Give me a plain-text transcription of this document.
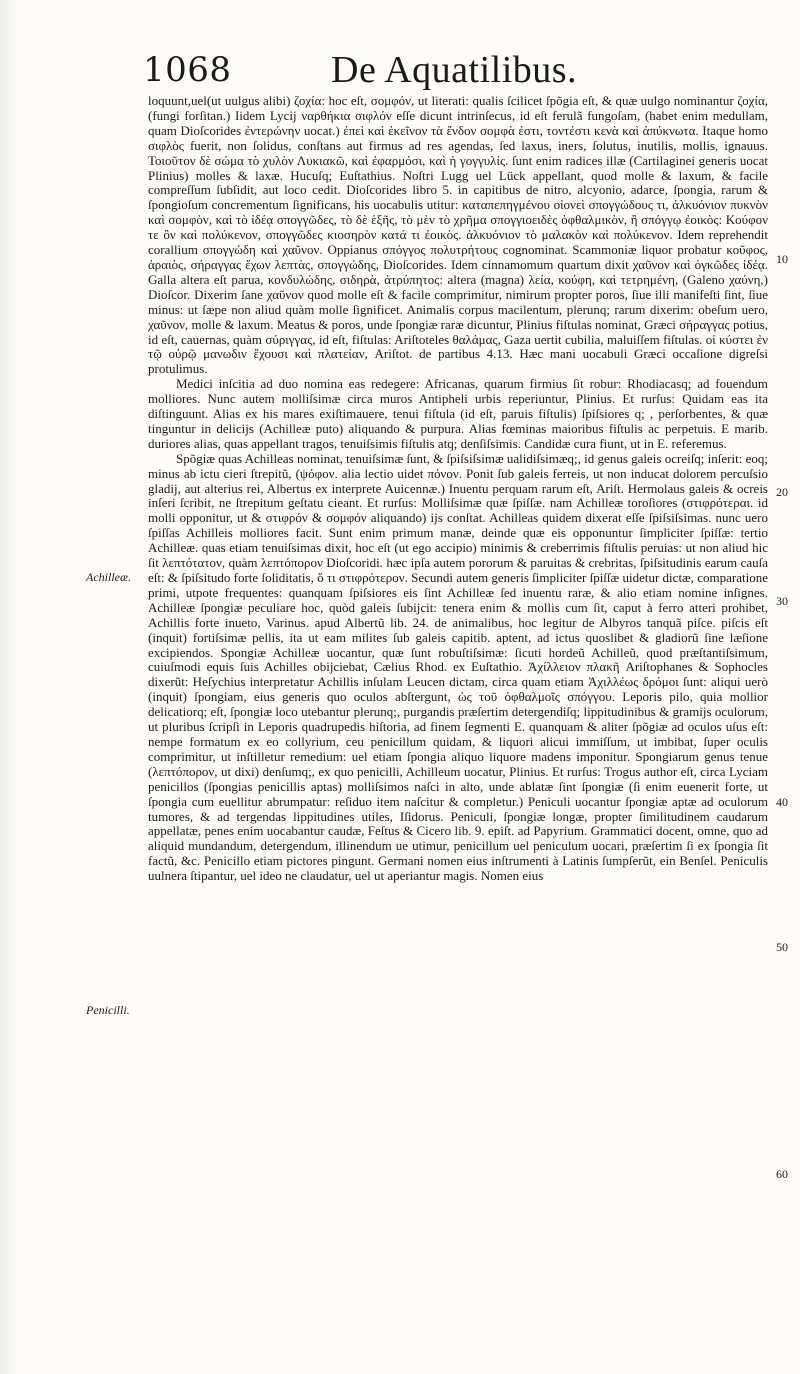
1068	De Aquatilibus.
Achilleæ.
Penicilli.
10
20
30
40
50
60

loquunt,uel(ut uulgus alibi) ζοχία: hoc eſt, σομφόν, ut literati: qualis ſcilicet ſpõgia eſt, & quæ uulgo nominantur ζοχία, (fungi forſitan.) Iidem Lycij ναρθήκια σιφλόν eſſe dicunt intrinſecus, id eſt ferulã fungoſam, (habet enim medullam, quam Dioſcorides ἐντερώνην uocat.) ἐπεὶ καὶ ἐκεῖνον τὰ ἔνδον σομφὰ ἐστι, τοντέστι κενὰ καὶ ἀπύκνωτα. Itaque homo σιφλὸς fuerit, non ſolidus, conſtans aut firmus ad res agendas, ſed laxus, iners, ſolutus, inutilis, mollis, ignauus. Τοιοῦτον δὲ σώμα τὸ χυλὸν Λυκιακῶ, καὶ ἐφαρμόσι, καὶ ἡ γογγυλίς. ſunt enim radices illæ (Cartilaginei generis uocat Plinius) molles & laxæ. Hucuſq; Euſtathius. Noſtri Lugg uel Lück appellant, quod molle & laxum, & facile compreſſum ſubſidit, aut loco cedit. Dioſcorides libro 5. in capitibus de nitro, alcyonio, adarce, ſpongia, rarum & ſpongioſum concrementum ſignificans, his uocabulis utitur: καταπεπηγμένου οἱονεὶ σπογγώδους τι, ἀλκυόνιον πυκνὸν καὶ σομφὸν, καὶ τὸ ἰδέᾳ σπογγῶδες, τὸ δὲ ἑξῆς, τὸ μὲν τὸ χρῆμα σπογγιοειδὲς ὀφθαλμικὸν, ἢ σπόγγῳ ἐοικὸς: Κούφον τε ὂν καὶ πολύκενον, σπογγῶδες κιοσηρὸν κατά τι ἐοικὸς. ἀλκυόνιον τὸ μαλακὸν καὶ πολύκενον. Idem reprehendit corallium σπογγώδη καὶ χαῦνον. Oppianus σπόγγος πολυτρήτους cognominat. Scammoniæ liquor probatur κοῦφος, ἀραιὸς, σήραγγας ἔχων λεπτὰς, σπογγώδης, Dioſcorides. Idem cinnamomum quartum dixit χαῦνον καὶ ὀγκῶδες ἰδέᾳ. Galla altera eſt parua, κονδυλώδης, σιδηρὰ, ἀτρύπητος: altera (magna) λεία, κούφη, καὶ τετρημένη, (Galeno χαύνη,) Dioſcor. Dixerim ſane χαῦνον quod molle eſt & facile comprimitur, nimirum propter poros, ſiue illi manifeſti ſint, ſiue minus: ut ſæpe non aliud quàm molle ſignificet. Animalis corpus macilentum, plerunq; rarum dixerim: obeſum uero, χαῦνον, molle & laxum. Meatus & poros, unde ſpongiæ raræ dicuntur, Plinius fiſtulas nominat, Græci σήραγγας potius, id eſt, cauernas, quàm σύριγγας, id eſt, fiſtulas: Ariſtoteles θαλάμας, Gaza uertit cubilia, maluiſſem fiſtulas. οἱ κύστει ἐν τῷ οὐρῷ μανωδιν ἔχουσι καὶ πλατείαν, Ariſtot. de partibus 4.13. Hæc mani uocabuli Græci occaſione digreſsi protulimus.

Medici inſcitia ad duo nomina eas redegere: Africanas, quarum firmius ſit robur: Rhodiacasq; ad fouendum molliores. Nunc autem molliſsimæ circa muros Antipheli urbis reperiuntur, Plinius. Et rurſus: Quidam eas ita diſtinguunt. Alias ex his mares exiſtimauere, tenui fiſtula (id eſt, paruis fiſtulis) ſpiſsiores q; , perſorbentes, & quæ tinguntur in delicijs (Achilleæ puto) aliquando & purpura. Alias fœminas maioribus fiſtulis ac perpetuis. E marib. duriores alias, quas appellant tragos, tenuiſsimis fiſtulis atq; denſiſsimis. Candidæ cura fiunt, ut in E. referemus.

Spõgiæ quas Achilleas nominat, tenuiſsimæ ſunt, & ſpiſsiſsimæ ualidiſsimæq;, id genus galeis ocreiſq; inſerit: eoq; minus ab ictu cieri ſtrepitũ, (ψόφον. alia lectio uidet πόνον. Ponit ſub galeis ferreis, ut non inducat dolorem percuſsio gladij, aut alterius rei, Albertus ex interprete Auicennæ.) Inuentu perquam rarum eſt, Ariſt. Hermolaus galeis & ocreis inſeri ſcribit, ne ſtrepitum geſtatu cieant. Et rurſus: Molliſsimæ quæ ſpiſſæ. nam Achilleæ toroſiores (στιφρότεραι. id molli opponitur, ut & στιφρόν & σομφόν aliquando) ijs conſtat. Achilleas quidem dixerat eſſe ſpiſsiſsimas. nunc uero ſpiſſas Achilleis molliores facit. Sunt enim primum manæ, deinde quæ eis opponuntur ſimpliciter ſpiſſæ: tertio Achilleæ. quas etiam tenuiſsimas dixit, hoc eſt (ut ego accipio) minimis & creberrimis fiſtulis peruias: ut non aliud hic ſit λεπτότατον, quàm λεπτόπορον Dioſcoridi. hæc ipſa autem pororum & paruitas & crebritas, ſpiſsitudinis earum cauſa eſt: & ſpiſsitudo forte ſoliditatis, ὅ τι στιφρότερον. Secundi autem generis ſimpliciter ſpiſſæ uidetur dictæ, comparatione primi, utpote frequentes: quanquam ſpiſsiores eis ſint Achilleæ ſed inuentu raræ, & alio etiam nomine inſignes. Achilleæ ſpongiæ peculiare hoc, quòd galeis ſubijcit: tenera enim & mollis cum ſit, caput à ferro atteri prohibet, Achillis forte inueto, Varinus. apud Albertũ lib. 24. de animalibus, hoc legitur de Albyros tanquã piſce. piſcis eſt (inquit) fortiſsimæ pellis, ita ut eam milites ſub galeis capitib. aptent, ad ictus quoslibet & gladiorũ ſine læſione excipiendos. Spongiæ Achilleæ uocantur, quæ ſunt robuſtiſsimæ: ſicuti hordeũ Achilleũ, quod præſtantiſsimum, cuiuſmodi equis ſuis Achilles obijciebat, Cælius Rhod. ex Euſtathio. Ἀχίλλειον πλακῆ Ariſtophanes & Sophocles dixerũt: Heſychius interpretatur Achillis inſulam Leucen dictam, circa quam etiam Ἀχιλλέως δρόμοι ſunt: aliqui uerò (inquit) ſpongiam, eius generis quo oculos abſtergunt, ὡς τοῦ ὀφθαλμοῖς σπόγγου. Leporis pilo, quia mollior delicatiorq; eſt, ſpongiæ loco utebantur plerunq;, purgandis præſertim detergendiſq; lippitudinibus & gramijs oculorum, ut pluribus ſcripſi in Leporis quadrupedis hiſtoria, ad finem ſegmenti E. quanquam & aliter ſpõgiæ ad oculos uſus eſt: nempe formatum ex eo collyrium, ceu penicillum quidam, & liquori alicui immiſſum, ut imbibat, ſuper oculis comprimitur, ut inſtilletur remedium: uel etiam ſpongia aliquo liquore madens imponitur. Spongiarum genus tenue (λεπτόπορον, ut dixi) denſumq;, ex quo penicilli, Achilleum uocatur, Plinius. Et rurſus: Trogus author eſt, circa Lyciam penicillos (ſpongias penicillis aptas) molliſsimos naſci in alto, unde ablatæ ſint ſpongiæ (ſi enim euenerit forte, ut ſpongia cum euellitur abrumpatur: reſiduo item naſcitur & completur.) Peniculi uocantur ſpongiæ aptæ ad oculorum tumores, & ad tergendas lippitudines utiles, Iſidorus. Peniculi, ſpongiæ longæ, propter ſimilitudinem caudarum appellatæ, penes enim uocabantur caudæ, Feſtus & Cicero lib. 9. epiſt. ad Papyrium. Grammatici docent, omne, quo ad aliquid mundandum, detergendum, illinendum ue utimur, penicillum uel peniculum uocari, præſertim ſi ex ſpongia ſit factũ, &c. Penicillo etiam pictores pingunt. Germani nomen eius inſtrumenti à Latinis ſumpſerũt, ein Benſel. Peniculis uulnera ſtipantur, uel ideo ne claudatur, uel ut aperiantur magis. Nomen eius
